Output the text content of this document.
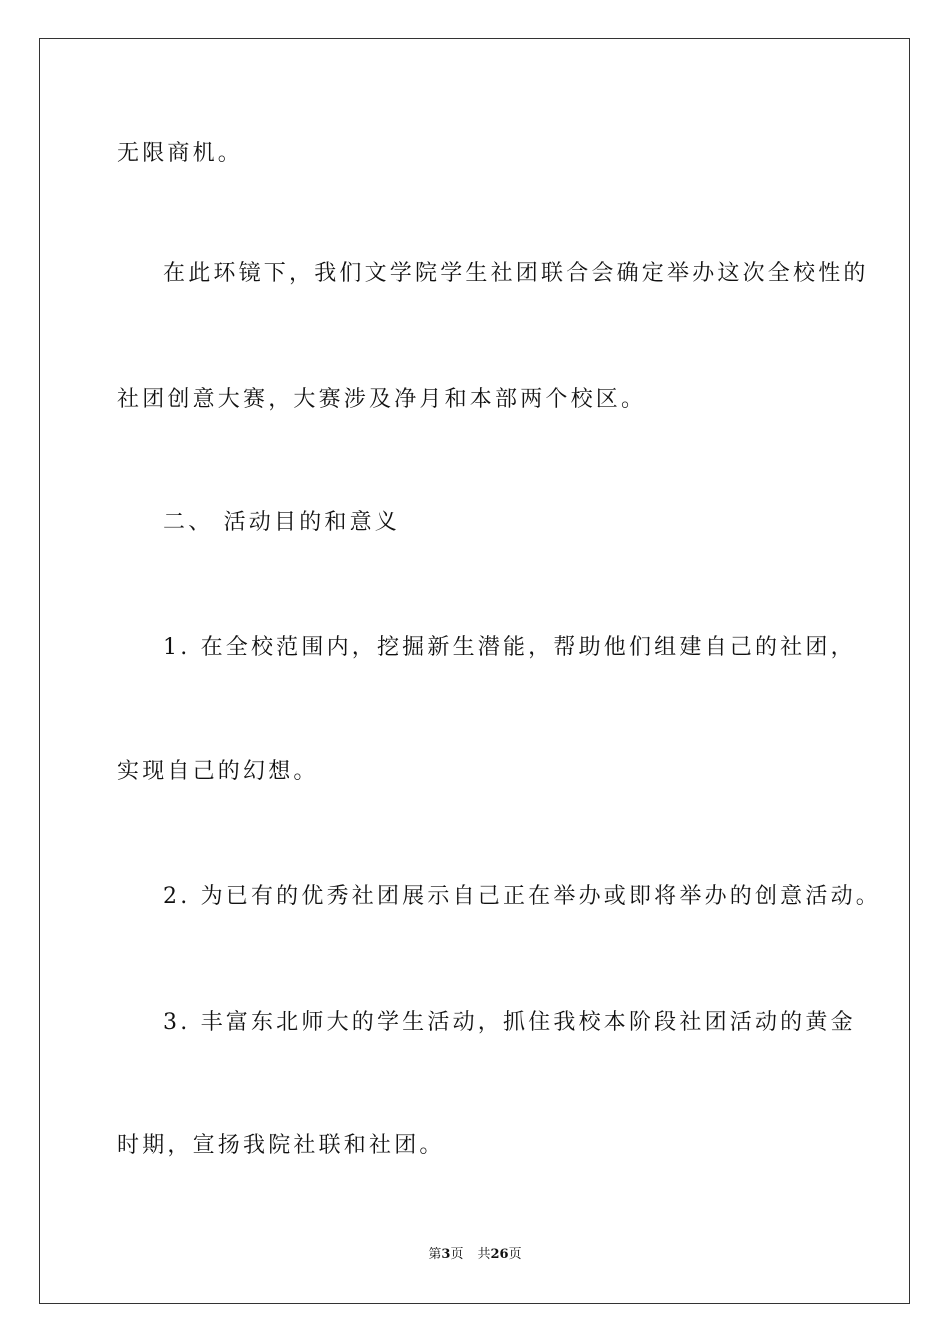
无限商机。
在此环镜下，我们文学院学生社团联合会确定举办这次全校性的
社团创意大赛，大赛涉及净月和本部两个校区。
二、 活动目的和意义
1. 在全校范围内，挖掘新生潜能，帮助他们组建自己的社团，
实现自己的幻想。
2. 为已有的优秀社团展示自己正在举办或即将举办的创意活动。
3. 丰富东北师大的学生活动，抓住我校本阶段社团活动的黄金
时期，宣扬我院社联和社团。
第3页 共26页
